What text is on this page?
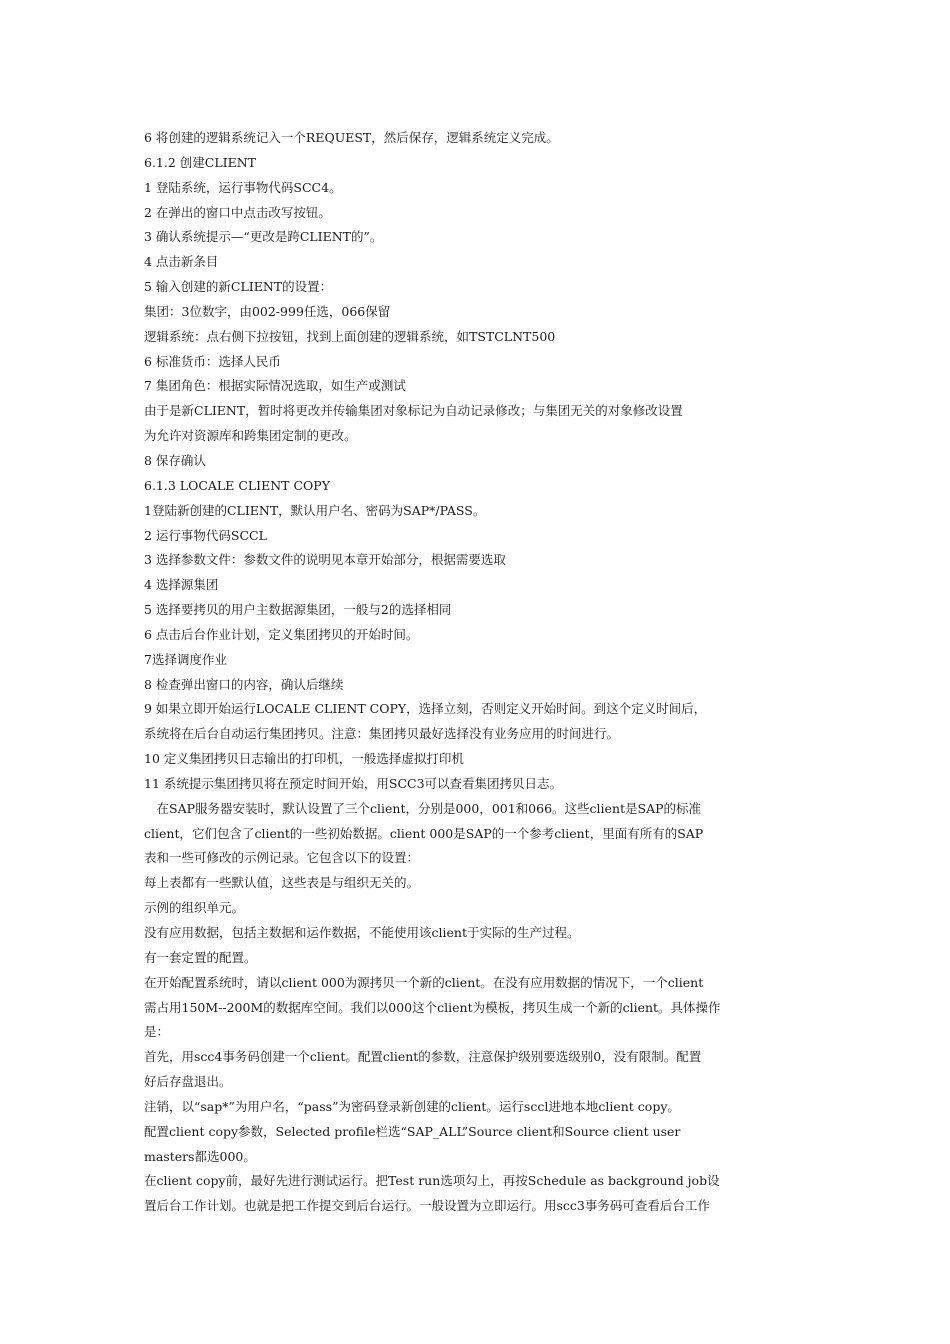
6 将创建的逻辑系统记入一个REQUEST，然后保存，逻辑系统定义完成。
6.1.2 创建CLIENT
1 登陆系统，运行事物代码SCC4。
2 在弹出的窗口中点击改写按钮。
3 确认系统提示—“更改是跨CLIENT的”。
4 点击新条目
5 输入创建的新CLIENT的设置：
集团：3位数字，由002-999任选，066保留
逻辑系统：点右侧下拉按钮，找到上面创建的逻辑系统，如TSTCLNT500
6 标准货币：选择人民币
7 集团角色：根据实际情况选取，如生产或测试
由于是新CLIENT，暂时将更改并传输集团对象标记为自动记录修改；与集团无关的对象修改设置
为允许对资源库和跨集团定制的更改。
8 保存确认
6.1.3 LOCALE CLIENT COPY
1登陆新创建的CLIENT，默认用户名、密码为SAP*/PASS。
2 运行事物代码SCCL
3 选择参数文件：参数文件的说明见本章开始部分，根据需要选取
4 选择源集团
5 选择要拷贝的用户主数据源集团，一般与2的选择相同
6 点击后台作业计划，定义集团拷贝的开始时间。
7选择调度作业
8 检查弹出窗口的内容，确认后继续
9 如果立即开始运行LOCALE CLIENT COPY，选择立刻，否则定义开始时间。到这个定义时间后，
系统将在后台自动运行集团拷贝。注意：集团拷贝最好选择没有业务应用的时间进行。
10 定义集团拷贝日志输出的打印机，一般选择虚拟打印机
11 系统提示集团拷贝将在预定时间开始，用SCC3可以查看集团拷贝日志。
　在SAP服务器安装时，默认设置了三个client，分别是000，001和066。这些client是SAP的标准
client，它们包含了client的一些初始数据。client 000是SAP的一个参考client，里面有所有的SAP
表和一些可修改的示例记录。它包含以下的设置：
每上表都有一些默认值，这些表是与组织无关的。
示例的组织单元。
没有应用数据，包括主数据和运作数据，不能使用该client于实际的生产过程。
有一套定置的配置。
在开始配置系统时，请以client 000为源拷贝一个新的client。在没有应用数据的情况下，一个client
需占用150M--200M的数据库空间。我们以000这个client为模板，拷贝生成一个新的client。具体操作
是：
首先，用scc4事务码创建一个client。配置client的参数，注意保护级别要选级别0，没有限制。配置
好后存盘退出。
注销，以“sap*”为用户名，“pass”为密码登录新创建的client。运行sccl进地本地client copy。
配置client copy参数，Selected profile栏选“SAP_ALL”Source client和Source client user
masters都选000。
在client copy前，最好先进行测试运行。把Test run选项勾上，再按Schedule as background job设
置后台工作计划。也就是把工作提交到后台运行。一般设置为立即运行。用scc3事务码可查看后台工作
